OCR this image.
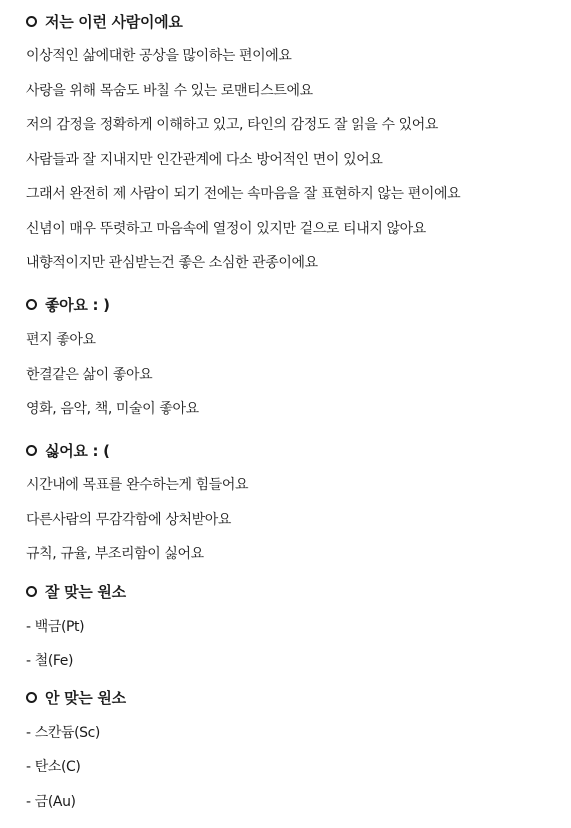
저는 이런 사람이에요
이상적인 삶에대한 공상을 많이하는 편이에요
사랑을 위해 목숨도 바칠 수 있는 로맨티스트에요
저의 감정을 정확하게 이해하고 있고, 타인의 감정도 잘 읽을 수 있어요
사람들과 잘 지내지만 인간관계에 다소 방어적인 면이 있어요
그래서 완전히 제 사람이 되기 전에는 속마음을 잘 표현하지 않는 편이에요
신념이 매우 뚜렷하고 마음속에 열정이 있지만 겉으로 티내지 않아요
내향적이지만 관심받는건 좋은 소심한 관종이에요
좋아요 : )
편지 좋아요
한결같은 삶이 좋아요
영화, 음악, 책, 미술이 좋아요
싫어요 : (
시간내에 목표를 완수하는게 힘들어요
다른사람의 무감각함에 상처받아요
규칙, 규율, 부조리함이 싫어요
잘 맞는 원소
- 백금(Pt)
- 철(Fe)
안 맞는 원소
- 스칸듐(Sc)
- 탄소(C)
- 금(Au)
